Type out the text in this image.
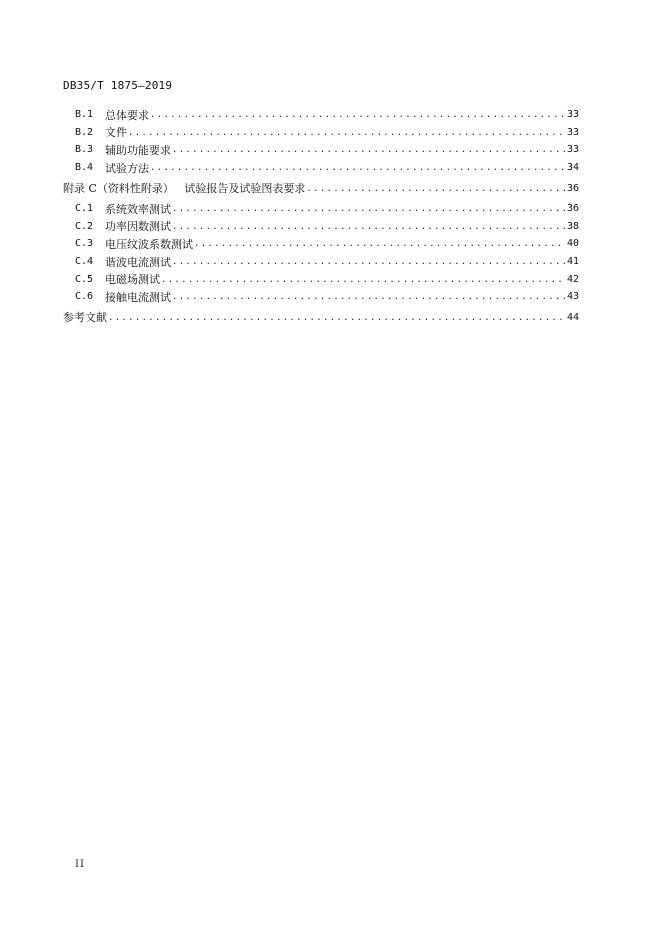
DB35/T 1875—2019
B.1	总体要求 .....	33
B.2	文件 .....	33
B.3	辅助功能要求 .....	33
B.4	试验方法 .....	34
附录 C（资料性附录）   试验报告及试验图表要求 .....	36
C.1	系统效率测试 .....	36
C.2	功率因数测试 .....	38
C.3	电压纹波系数测试 .....	40
C.4	谐波电流测试 .....	41
C.5	电磁场测试 .....	42
C.6	接触电流测试 .....	43
参考文献 .....	44
II
